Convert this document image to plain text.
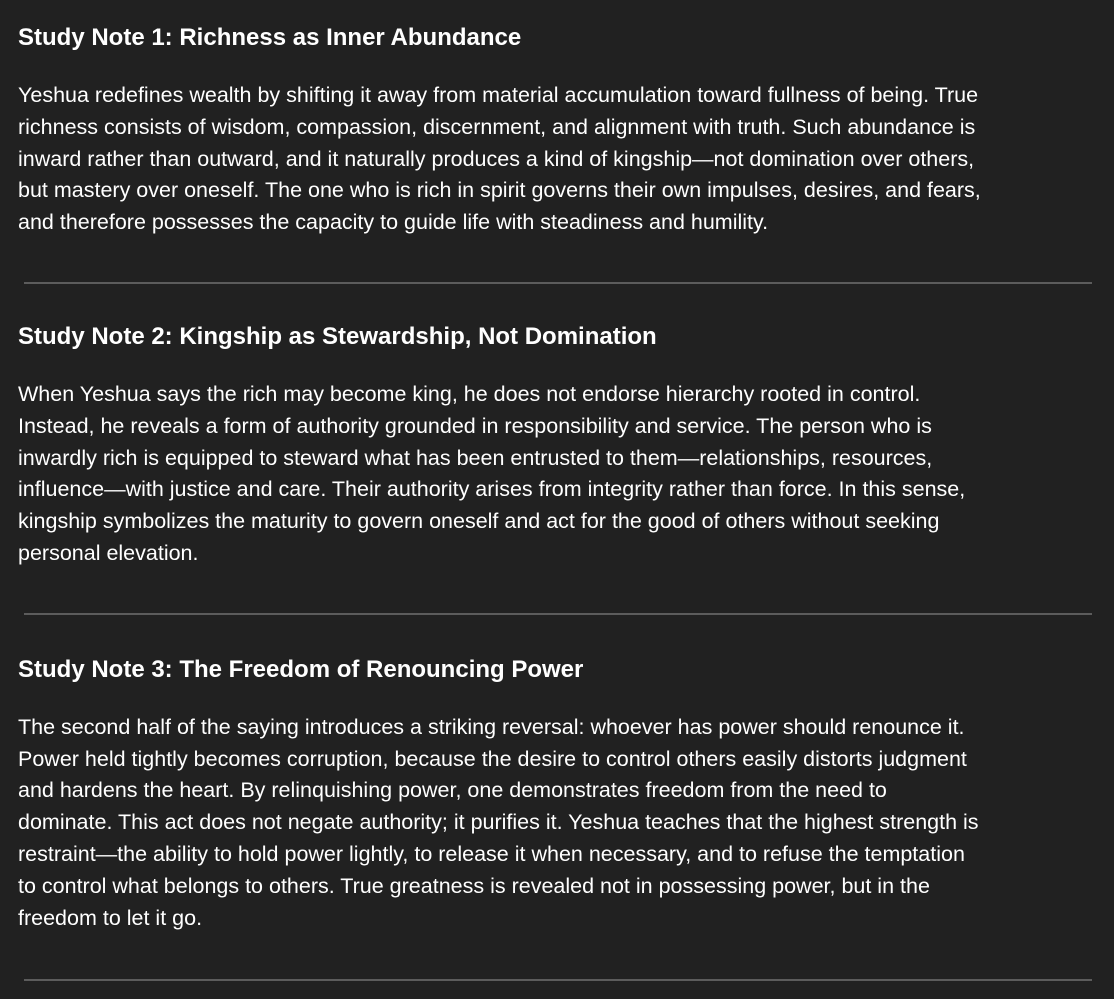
Study Note 1: Richness as Inner Abundance

Yeshua redefines wealth by shifting it away from material accumulation toward fullness of being. True
richness consists of wisdom, compassion, discernment, and alignment with truth. Such abundance is
inward rather than outward, and it naturally produces a kind of kingship—not domination over others,
but mastery over oneself. The one who is rich in spirit governs their own impulses, desires, and fears,
and therefore possesses the capacity to guide life with steadiness and humility.

Study Note 2: Kingship as Stewardship, Not Domination

When Yeshua says the rich may become king, he does not endorse hierarchy rooted in control.
Instead, he reveals a form of authority grounded in responsibility and service. The person who is
inwardly rich is equipped to steward what has been entrusted to them—relationships, resources,
influence—with justice and care. Their authority arises from integrity rather than force. In this sense,
kingship symbolizes the maturity to govern oneself and act for the good of others without seeking
personal elevation.

Study Note 3: The Freedom of Renouncing Power

The second half of the saying introduces a striking reversal: whoever has power should renounce it.
Power held tightly becomes corruption, because the desire to control others easily distorts judgment
and hardens the heart. By relinquishing power, one demonstrates freedom from the need to
dominate. This act does not negate authority; it purifies it. Yeshua teaches that the highest strength is
restraint—the ability to hold power lightly, to release it when necessary, and to refuse the temptation
to control what belongs to others. True greatness is revealed not in possessing power, but in the
freedom to let it go.
